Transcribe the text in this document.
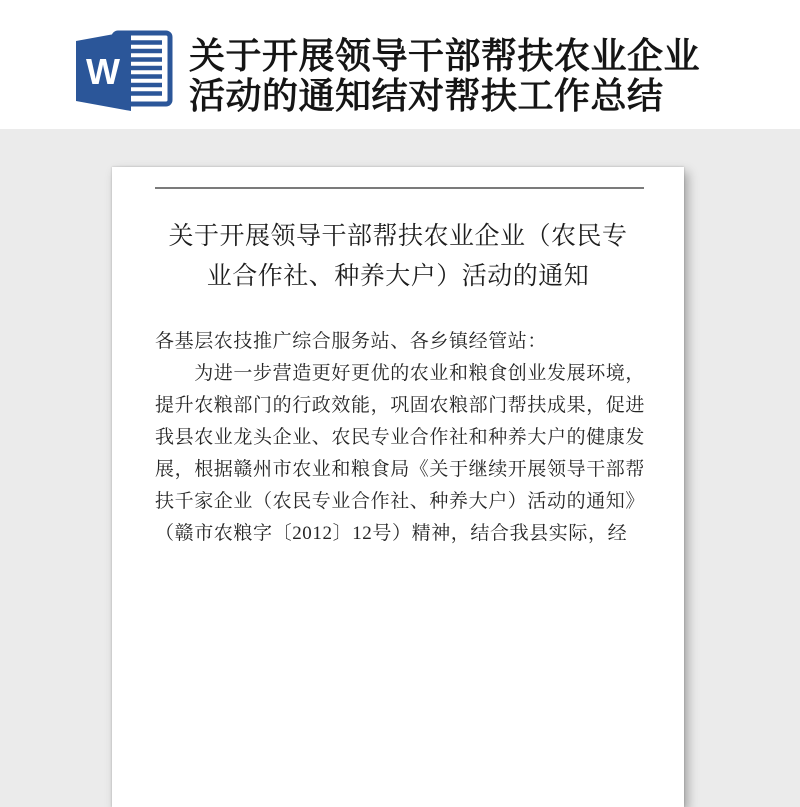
W 关于开展领导干部帮扶农业企业
活动的通知结对帮扶工作总结
关于开展领导干部帮扶农业企业（农民专
业合作社、种养大户）活动的通知
各基层农技推广综合服务站、各乡镇经管站：
　　为进一步营造更好更优的农业和粮食创业发展环境，
提升农粮部门的行政效能，巩固农粮部门帮扶成果，促进
我县农业龙头企业、农民专业合作社和种养大户的健康发
展，根据赣州市农业和粮食局《关于继续开展领导干部帮
扶千家企业（农民专业合作社、种养大户）活动的通知》
（赣市农粮字〔2012〕12号）精神，结合我县实际，经
